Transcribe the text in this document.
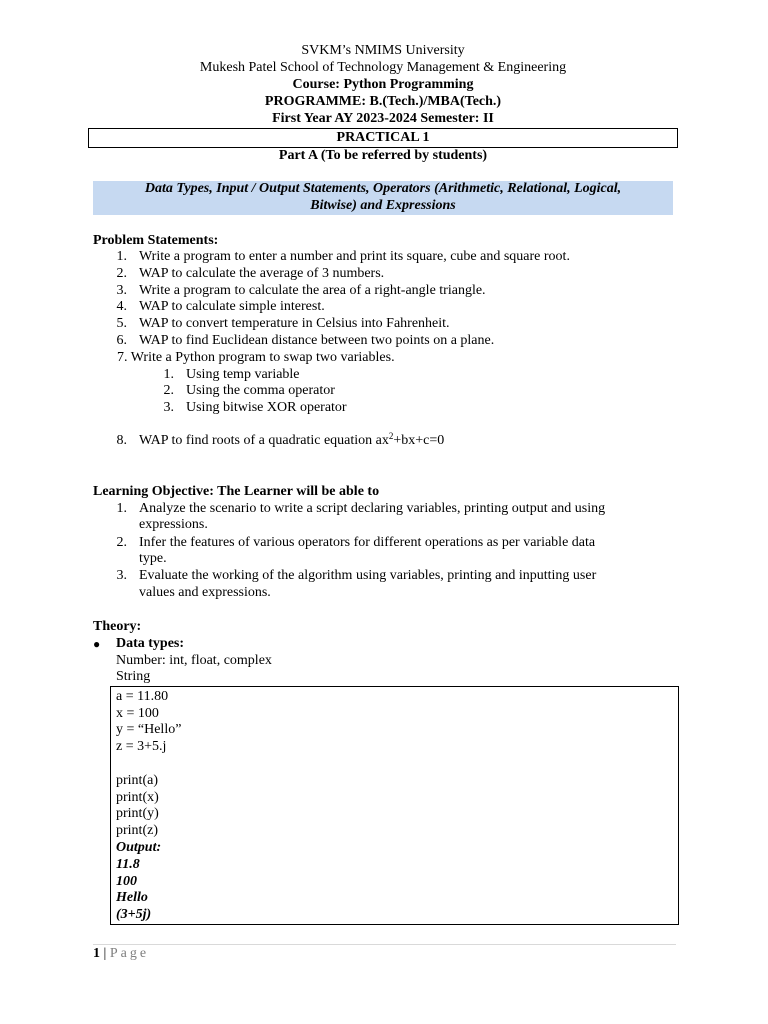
SVKM’s NMIMS University
Mukesh Patel School of Technology Management & Engineering
Course: Python Programming
PROGRAMME: B.(Tech.)/MBA(Tech.)
First Year AY 2023-2024 Semester: II
PRACTICAL 1
Part A (To be referred by students)
Data Types, Input / Output Statements, Operators (Arithmetic, Relational, Logical,
Bitwise) and Expressions
Problem Statements:
1. Write a program to enter a number and print its square, cube and square root.
2. WAP to calculate the average of 3 numbers.
3. Write a program to calculate the area of a right-angle triangle.
4. WAP to calculate simple interest.
5. WAP to convert temperature in Celsius into Fahrenheit.
6. WAP to find Euclidean distance between two points on a plane.
7. Write a Python program to swap two variables.
1. Using temp variable
2. Using the comma operator
3. Using bitwise XOR operator
8. WAP to find roots of a quadratic equation $ax^2+bx+c=0$
Learning Objective: The Learner will be able to
1. Analyze the scenario to write a script declaring variables, printing output and using
expressions.
2. Infer the features of various operators for different operations as per variable data
type.
3. Evaluate the working of the algorithm using variables, printing and inputting user
values and expressions.
Theory:
● Data types:
Number: int, float, complex
String
a = 11.80
x = 100
y = “Hello”
z = 3+5.j
print(a)
print(x)
print(y)
print(z)
Output:
11.8
100
Hello
(3+5j)
1 | Page
